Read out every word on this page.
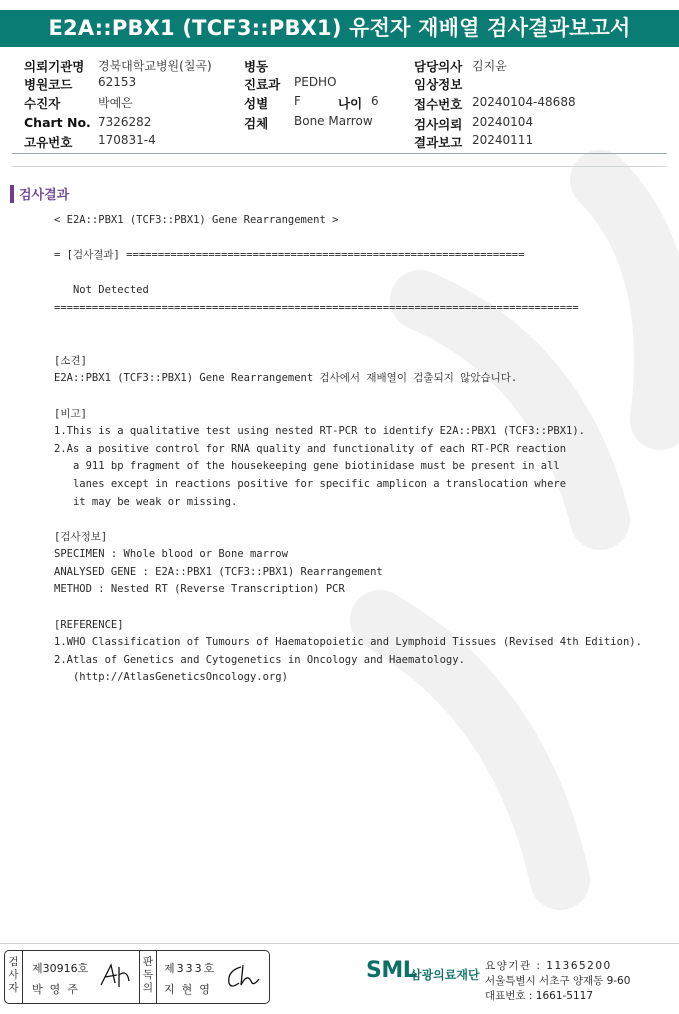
E2A::PBX1 (TCF3::PBX1) 유전자 재배열 검사결과보고서
의뢰기관명 경북대학교병원(칠곡)
병원코드 62153
수진자	박예은
Chart No. 7326282
고유번호 170831-4
병동
진료과 PEDHO
성별 F	나이 6
검체 Bone Marrow
담당의사 김지윤
임상정보
접수번호 20240104-48688
검사의뢰 20240104
결과보고 20240111
검사결과
< E2A::PBX1 (TCF3::PBX1) Gene Rearrangement >
= [검사결과] ===============================================================
Not Detected
===================================================================================
[소견]
E2A::PBX1 (TCF3::PBX1) Gene Rearrangement 검사에서 재배열이 검출되지 않았습니다.
[비고]
1.This is a qualitative test using nested RT-PCR to identify E2A::PBX1 (TCF3::PBX1).
2.As a positive control for RNA quality and functionality of each RT-PCR reaction
a 911 bp fragment of the housekeeping gene biotinidase must be present in all
lanes except in reactions positive for specific amplicon a translocation where
it may be weak or missing.
[검사정보]
SPECIMEN : Whole blood or Bone marrow
ANALYSED GENE : E2A::PBX1 (TCF3::PBX1) Rearrangement
METHOD : Nested RT (Reverse Transcription) PCR
[REFERENCE]
1.WHO Classification of Tumours of Haematopoietic and Lymphoid Tissues (Revised 4th Edition).
2.Atlas of Genetics and Cytogenetics in Oncology and Haematology.
(http://AtlasGeneticsOncology.org)
검사자
제30916호
박영주
판독의
제333호
지현영
SML
삼광의료재단
요양기관 : 11365200
서울특별시 서초구 양재동 9-60
대표번호 : 1661-5117
